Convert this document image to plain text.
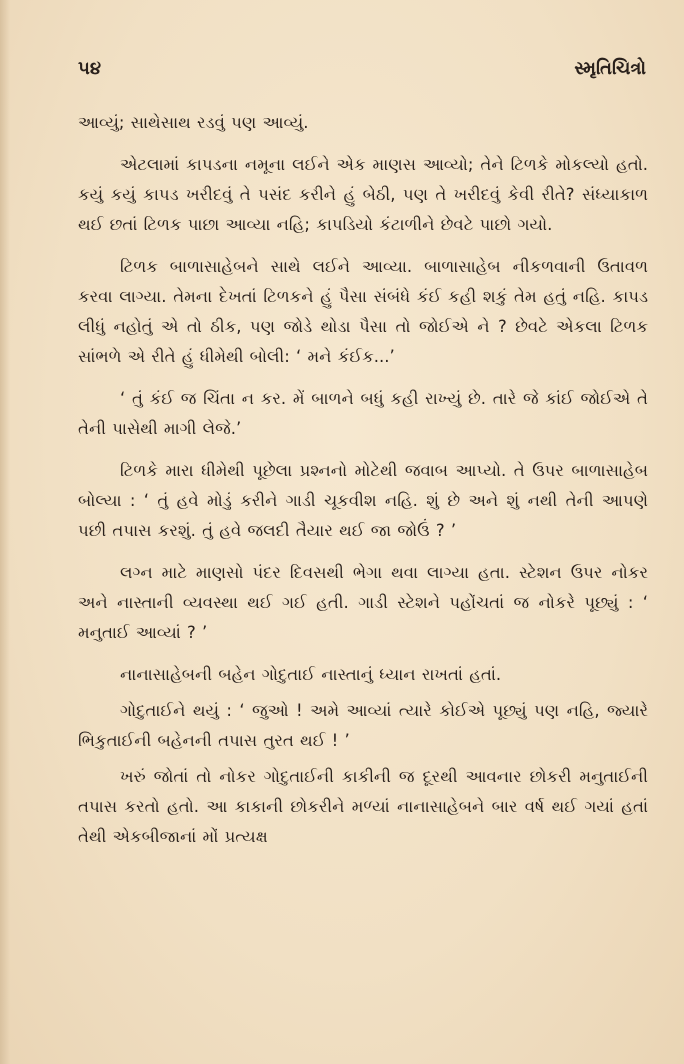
૫૪	સ્મૃતિચિત્રો

આવ્યું; સાથેસાથ રડવું પણ આવ્યું.

એટલામાં કાપડના નમૂના લઈને એક માણસ આવ્યો; તેને ટિળકે મોકલ્યો હતો. કયું કયું કાપડ ખરીદવું તે પસંદ કરીને હું બેઠી, પણ તે ખરીદવું કેવી રીતે? સંધ્યાકાળ થઈ છતાં ટિળક પાછા આવ્યા નહિ; કાપડિયો કંટાળીને છેવટે પાછો ગયો.

ટિળક બાળાસાહેબને સાથે લઈને આવ્યા. બાળાસાહેબ નીકળવાની ઉતાવળ કરવા લાગ્યા. તેમના દેખતાં ટિળકને હું પૈસા સંબંધે કંઈ કહી શકું તેમ હતું નહિ. કાપડ લીધું નહોતું એ તો ઠીક, પણ જોડે થોડા પૈસા તો જોઈએ ને ? છેવટે એકલા ટિળક સાંભળે એ રીતે હું ધીમેથી બોલી: ‘ મને કંઈક...’

‘ તું કંઈ જ ચિંતા ન કર. મેં બાળને બધું કહી રાખ્યું છે. તારે જે કાંઈ જોઈએ તે તેની પાસેથી માગી લેજે.’

ટિળકે મારા ધીમેથી પૂછેલા પ્રશ્નનો મોટેથી જવાબ આપ્યો. તે ઉપર બાળાસાહેબ બોલ્યા : ‘ તું હવે મોડું કરીને ગાડી ચૂકવીશ નહિ. શું છે અને શું નથી તેની આપણે પછી તપાસ કરશું. તું હવે જલદી તૈયાર થઈ જા જોઉં ? ’

લગ્ન માટે માણસો પંદર દિવસથી ભેગા થવા લાગ્યા હતા. સ્ટેશન ઉપર નોકર અને નાસ્તાની વ્યવસ્થા થઈ ગઈ હતી. ગાડી સ્ટેશને પહોંચતાં જ નોકરે પૂછ્યું : ‘ મનુતાઈ આવ્યાં ? ’

નાનાસાહેબની બહેન ગોદુતાઈ નાસ્તાનું ધ્યાન રાખતાં હતાં.

ગોદુતાઈને થયું : ‘ જુઓ ! અમે આવ્યાં ત્યારે કોઈએ પૂછ્યું પણ નહિ, જ્યારે ભિકુતાઈની બહેનની તપાસ તુરત થઈ ! ’

ખરું જોતાં તો નોકર ગોદુતાઈની કાકીની જ દૂરથી આવનાર છોકરી મનુતાઈની તપાસ કરતો હતો. આ કાકાની છોકરીને મળ્યાં નાનાસાહેબને બાર વર્ષ થઈ ગયાં હતાં તેથી એકબીજાનાં મોં પ્રત્યક્ષ
